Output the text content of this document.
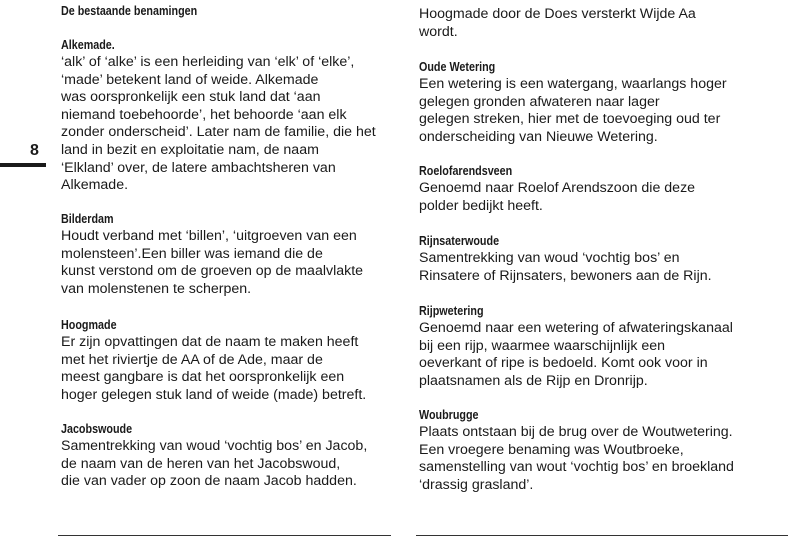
8
De bestaande benamingen
Alkemade.

‘alk’ of ‘alke’ is een herleiding van ‘elk’ of ‘elke’,

‘made’ betekent land of weide. Alkemade

was oorspronkelijk een stuk land dat ‘aan

niemand toebehoorde’, het behoorde ‘aan elk

zonder onderscheid’. Later nam de familie, die het

land in bezit en exploitatie nam, de naam

‘Elkland’ over, de latere ambachtsheren van

Alkemade.

Bilderdam

Houdt verband met ‘billen’, ‘uitgroeven van een

molensteen’.Een biller was iemand die de

kunst verstond om de groeven op de maalvlakte

van molenstenen te scherpen.

Hoogmade

Er zijn opvattingen dat de naam te maken heeft

met het riviertje de AA of de Ade, maar de

meest gangbare is dat het oorspronkelijk een

hoger gelegen stuk land of weide (made) betreft.

Jacobswoude

Samentrekking van woud ‘vochtig bos’ en Jacob,

de naam van de heren van het Jacobswoud,

die van vader op zoon de naam Jacob hadden.

Hoogmade door de Does versterkt Wijde Aa

wordt.

Oude Wetering

Een wetering is een watergang, waarlangs hoger

gelegen gronden afwateren naar lager

gelegen streken, hier met de toevoeging oud ter

onderscheiding van Nieuwe Wetering.

Roelofarendsveen

Genoemd naar Roelof Arendszoon die deze

polder bedijkt heeft.

Rijnsaterwoude

Samentrekking van woud ‘vochtig bos’ en

Rinsatere of Rijnsaters, bewoners aan de Rijn.

Rijpwetering

Genoemd naar een wetering of afwateringskanaal

bij een rijp, waarmee waarschijnlijk een

oeverkant of ripe is bedoeld. Komt ook voor in

plaatsnamen als de Rijp en Dronrijp.

Woubrugge

Plaats ontstaan bij de brug over de Woutwetering.

Een vroegere benaming was Woutbroeke,

samenstelling van wout ‘vochtig bos’ en broekland

‘drassig grasland’.
